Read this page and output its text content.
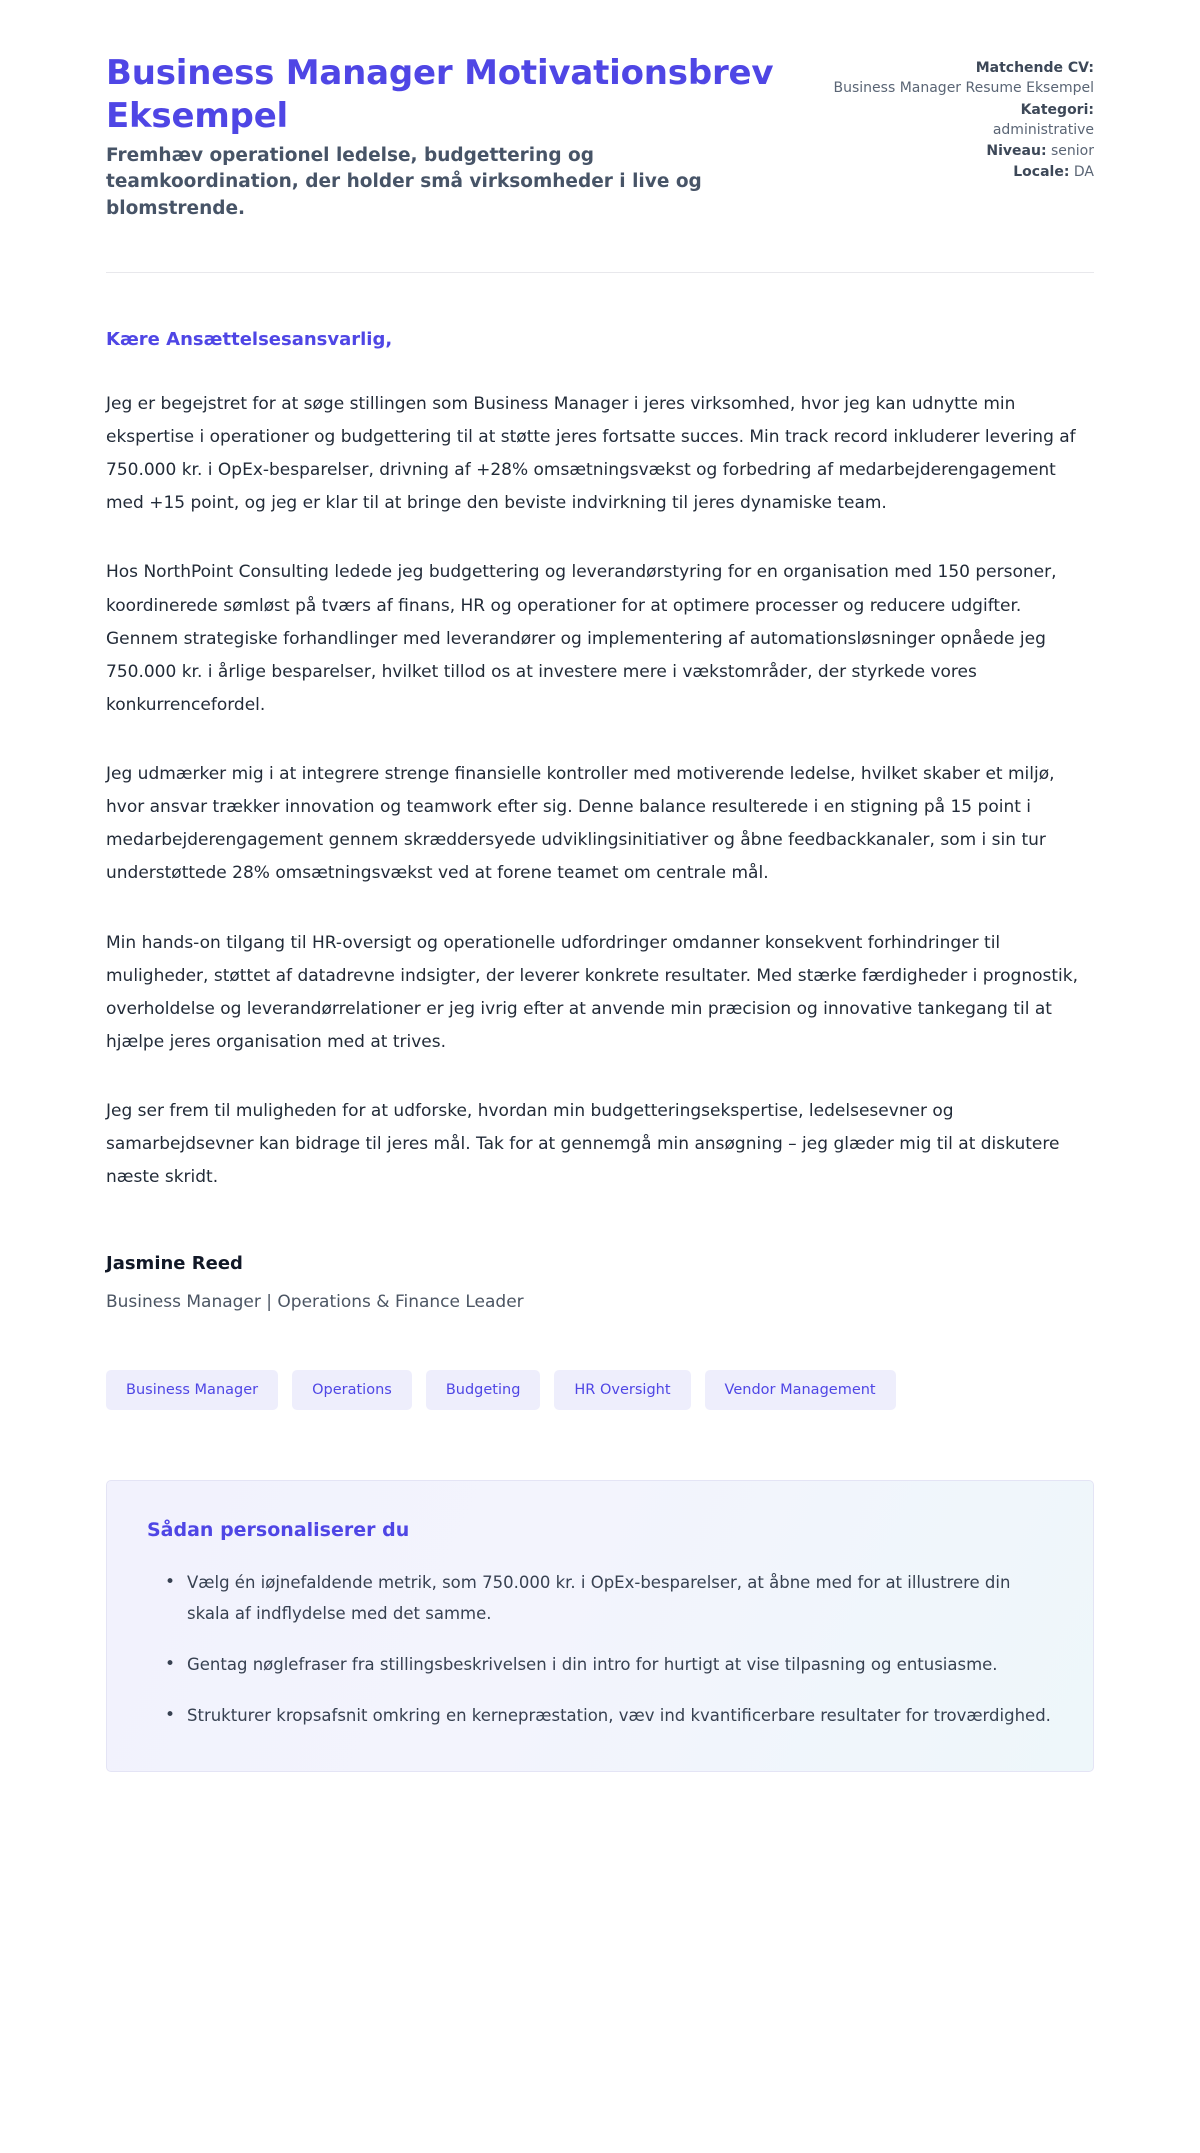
Business Manager Motivationsbrev Eksempel

Fremhæv operationel ledelse, budgettering og teamkoordination, der holder små virksomheder i live og blomstrende.

Matchende CV:
Business Manager Resume Eksempel
Kategori:
administrative
Niveau: senior
Locale: DA

Kære Ansættelsesansvarlig,

Jeg er begejstret for at søge stillingen som Business Manager i jeres virksomhed, hvor jeg kan udnytte min ekspertise i operationer og budgettering til at støtte jeres fortsatte succes. Min track record inkluderer levering af 750.000 kr. i OpEx-besparelser, drivning af +28% omsætningsvækst og forbedring af medarbejderengagement med +15 point, og jeg er klar til at bringe den beviste indvirkning til jeres dynamiske team.

Hos NorthPoint Consulting ledede jeg budgettering og leverandørstyring for en organisation med 150 personer, koordinerede sømløst på tværs af finans, HR og operationer for at optimere processer og reducere udgifter. Gennem strategiske forhandlinger med leverandører og implementering af automationsløsninger opnåede jeg 750.000 kr. i årlige besparelser, hvilket tillod os at investere mere i vækstområder, der styrkede vores konkurrencefordel.

Jeg udmærker mig i at integrere strenge finansielle kontroller med motiverende ledelse, hvilket skaber et miljø, hvor ansvar trækker innovation og teamwork efter sig. Denne balance resulterede i en stigning på 15 point i medarbejderengagement gennem skræddersyede udviklingsinitiativer og åbne feedbackkanaler, som i sin tur understøttede 28% omsætningsvækst ved at forene teamet om centrale mål.

Min hands-on tilgang til HR-oversigt og operationelle udfordringer omdanner konsekvent forhindringer til muligheder, støttet af datadrevne indsigter, der leverer konkrete resultater. Med stærke færdigheder i prognostik, overholdelse og leverandørrelationer er jeg ivrig efter at anvende min præcision og innovative tankegang til at hjælpe jeres organisation med at trives.

Jeg ser frem til muligheden for at udforske, hvordan min budgetteringsekspertise, ledelsesevner og samarbejdsevner kan bidrage til jeres mål. Tak for at gennemgå min ansøgning – jeg glæder mig til at diskutere næste skridt.

Jasmine Reed

Business Manager | Operations & Finance Leader

Business Manager	Operations	Budgeting	HR Oversight	Vendor Management
Sådan personaliserer du
• Vælg én iøjnefaldende metrik, som 750.000 kr. i OpEx-besparelser, at åbne med for at illustrere din skala af indflydelse med det samme.
• Gentag nøglefraser fra stillingsbeskrivelsen i din intro for hurtigt at vise tilpasning og entusiasme.
• Strukturer kropsafsnit omkring en kernepræstation, væv ind kvantificerbare resultater for troværdighed.
